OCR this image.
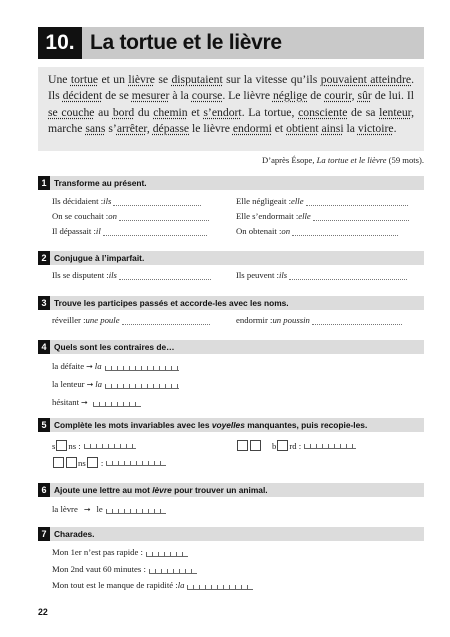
10. La tortue et le lièvre
Une tortue et un lièvre se disputaient sur la vitesse qu’ils pouvaient atteindre. Ils décident de se mesurer à la course. Le lièvre néglige de courir, sûr de lui. Il se couche au bord du chemin et s’endort. La tortue, consciente de sa lenteur, marche sans s’arrêter, dépasse le lièvre endormi et obtient ainsi la victoire.
D’après Ésope, La tortue et le lièvre (59 mots).
1 Transforme au présent.
Ils décidaient : ils	Elle négligeait : elle
On se couchait : on	Elle s’endormait : elle
Il dépassait : il	On obtenait : on
2 Conjugue à l’imparfait.
Ils se disputent : ils	Ils peuvent : ils
3 Trouve les participes passés et accorde-les avec les noms.
réveiller : une poule	endormir : un poussin
4 Quels sont les contraires de…
la défaite ➞ la
la lenteur ➞ la
hésitant ➞
5 Complète les mots invariables avec les voyelles manquantes, puis recopie-les.
s ns :	b rd :
ns :
6 Ajoute une lettre au mot lèvre pour trouver un animal.
la lèvre ➞ le
7 Charades.
Mon 1er n’est pas rapide :
Mon 2nd vaut 60 minutes :
Mon tout est le manque de rapidité : la
22
